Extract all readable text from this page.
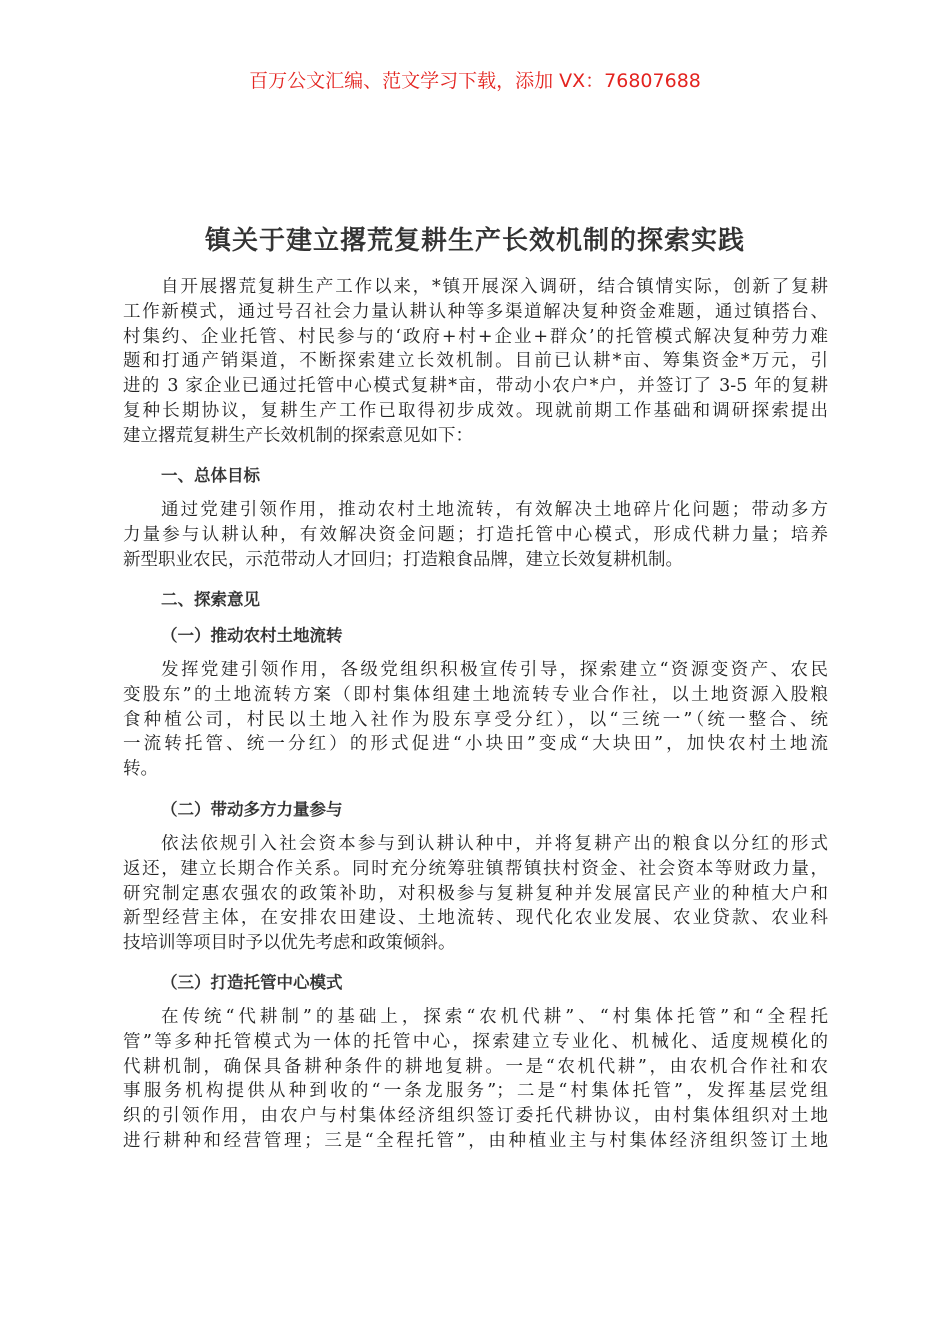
百万公文汇编、范文学习下载，添加 VX：76807688
镇关于建立撂荒复耕生产长效机制的探索实践
自开展撂荒复耕生产工作以来，*镇开展深入调研，结合镇情实际，创新了复耕
工作新模式，通过号召社会力量认耕认种等多渠道解决复种资金难题，通过镇搭台、
村集约、企业托管、村民参与的‘政府+村+企业+群众’的托管模式解决复种劳力难
题和打通产销渠道，不断探索建立长效机制。目前已认耕*亩、筹集资金*万元，引
进的 3 家企业已通过托管中心模式复耕*亩，带动小农户*户，并签订了 3-5 年的复耕
复种长期协议，复耕生产工作已取得初步成效。现就前期工作基础和调研探索提出
建立撂荒复耕生产长效机制的探索意见如下：
一、总体目标
通过党建引领作用，推动农村土地流转，有效解决土地碎片化问题；带动多方
力量参与认耕认种，有效解决资金问题；打造托管中心模式，形成代耕力量；培养
新型职业农民，示范带动人才回归；打造粮食品牌，建立长效复耕机制。
二、探索意见
（一）推动农村土地流转
发挥党建引领作用，各级党组织积极宣传引导，探索建立“资源变资产、农民
变股东”的土地流转方案（即村集体组建土地流转专业合作社，以土地资源入股粮
食种植公司，村民以土地入社作为股东享受分红），以“三统一”（统一整合、统
一流转托管、统一分红）的形式促进“小块田”变成“大块田”，加快农村土地流
转。
（二）带动多方力量参与
依法依规引入社会资本参与到认耕认种中，并将复耕产出的粮食以分红的形式
返还，建立长期合作关系。同时充分统筹驻镇帮镇扶村资金、社会资本等财政力量，
研究制定惠农强农的政策补助，对积极参与复耕复种并发展富民产业的种植大户和
新型经营主体，在安排农田建设、土地流转、现代化农业发展、农业贷款、农业科
技培训等项目时予以优先考虑和政策倾斜。
（三）打造托管中心模式
在传统“代耕制”的基础上，探索“农机代耕”、“村集体托管”和“全程托
管”等多种托管模式为一体的托管中心，探索建立专业化、机械化、适度规模化的
代耕机制，确保具备耕种条件的耕地复耕。一是“农机代耕”，由农机合作社和农
事服务机构提供从种到收的“一条龙服务”；二是“村集体托管”，发挥基层党组
织的引领作用，由农户与村集体经济组织签订委托代耕协议，由村集体组织对土地
进行耕种和经营管理；三是“全程托管”，由种植业主与村集体经济组织签订土地
